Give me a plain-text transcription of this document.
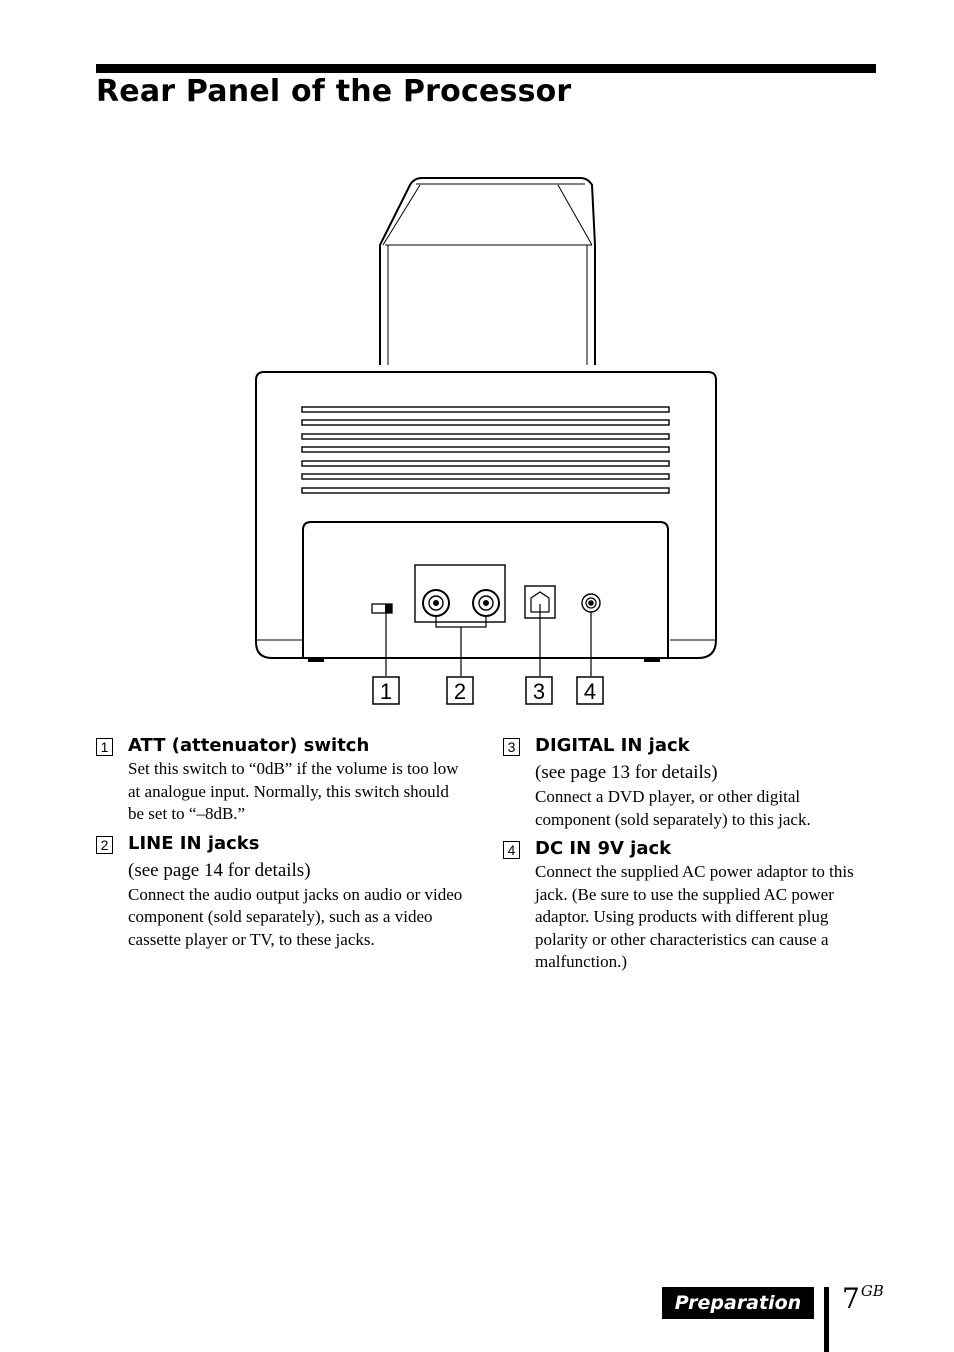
Rear Panel of the Processor
1	2	3 4
1 ATT (attenuator) switch
Set this switch to “0dB” if the volume is too low at analogue input. Normally, this switch should be set to “–8dB.”
2 LINE IN jacks
(see page 14 for details)
Connect the audio output jacks on audio or video component (sold separately), such as a video cassette player or TV, to these jacks.
3 DIGITAL IN jack
(see page 13 for details)
Connect a DVD player, or other digital component (sold separately) to this jack.
4 DC IN 9V jack
Connect the supplied AC power adaptor to this jack. (Be sure to use the supplied AC power adaptor. Using products with different plug polarity or other characteristics can cause a malfunction.)
Preparation	7GB
